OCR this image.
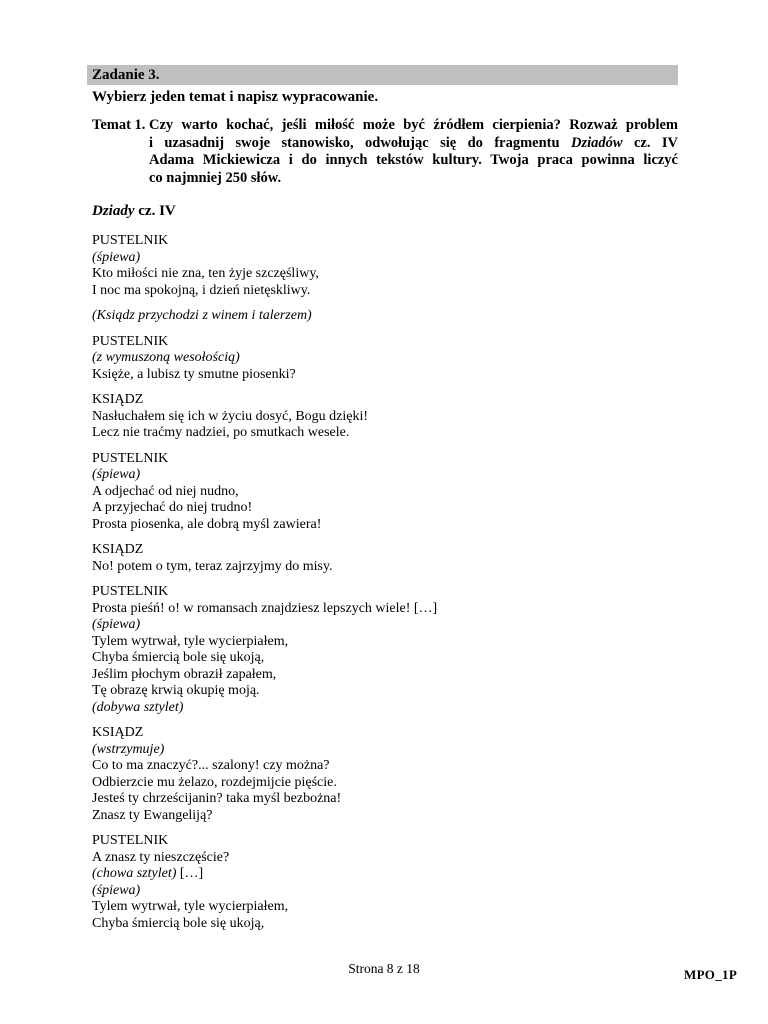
Zadanie 3.
Wybierz jeden temat i napisz wypracowanie.
Temat 1. Czy warto kochać, jeśli miłość może być źródłem cierpienia? Rozważ problem
i uzasadnij swoje stanowisko, odwołując się do fragmentu Dziadów cz. IV
Adama Mickiewicza i do innych tekstów kultury. Twoja praca powinna liczyć
co najmniej 250 słów.
Dziady cz. IV
PUSTELNIK
(śpiewa)
Kto miłości nie zna, ten żyje szczęśliwy,
I noc ma spokojną, i dzień nietęskliwy.
(Ksiądz przychodzi z winem i talerzem)
PUSTELNIK
(z wymuszoną wesołością)
Księże, a lubisz ty smutne piosenki?
KSIĄDZ
Nasłuchałem się ich w życiu dosyć, Bogu dzięki!
Lecz nie traćmy nadziei, po smutkach wesele.
PUSTELNIK
(śpiewa)
A odjechać od niej nudno,
A przyjechać do niej trudno!
Prosta piosenka, ale dobrą myśl zawiera!
KSIĄDZ
No! potem o tym, teraz zajrzyjmy do misy.
PUSTELNIK
Prosta pieśń! o! w romansach znajdziesz lepszych wiele! […]
(śpiewa)
Tylem wytrwał, tyle wycierpiałem,
Chyba śmiercią bole się ukoją,
Jeślim płochym obraził zapałem,
Tę obrazę krwią okupię moją.
(dobywa sztylet)
KSIĄDZ
(wstrzymuje)
Co to ma znaczyć?... szalony! czy można?
Odbierzcie mu żelazo, rozdejmijcie pięście.
Jesteś ty chrześcijanin? taka myśl bezbożna!
Znasz ty Ewangeliją?
PUSTELNIK
A znasz ty nieszczęście?
(chowa sztylet) […]
(śpiewa)
Tylem wytrwał, tyle wycierpiałem,
Chyba śmiercią bole się ukoją,
Strona 8 z 18	MPO_1P
